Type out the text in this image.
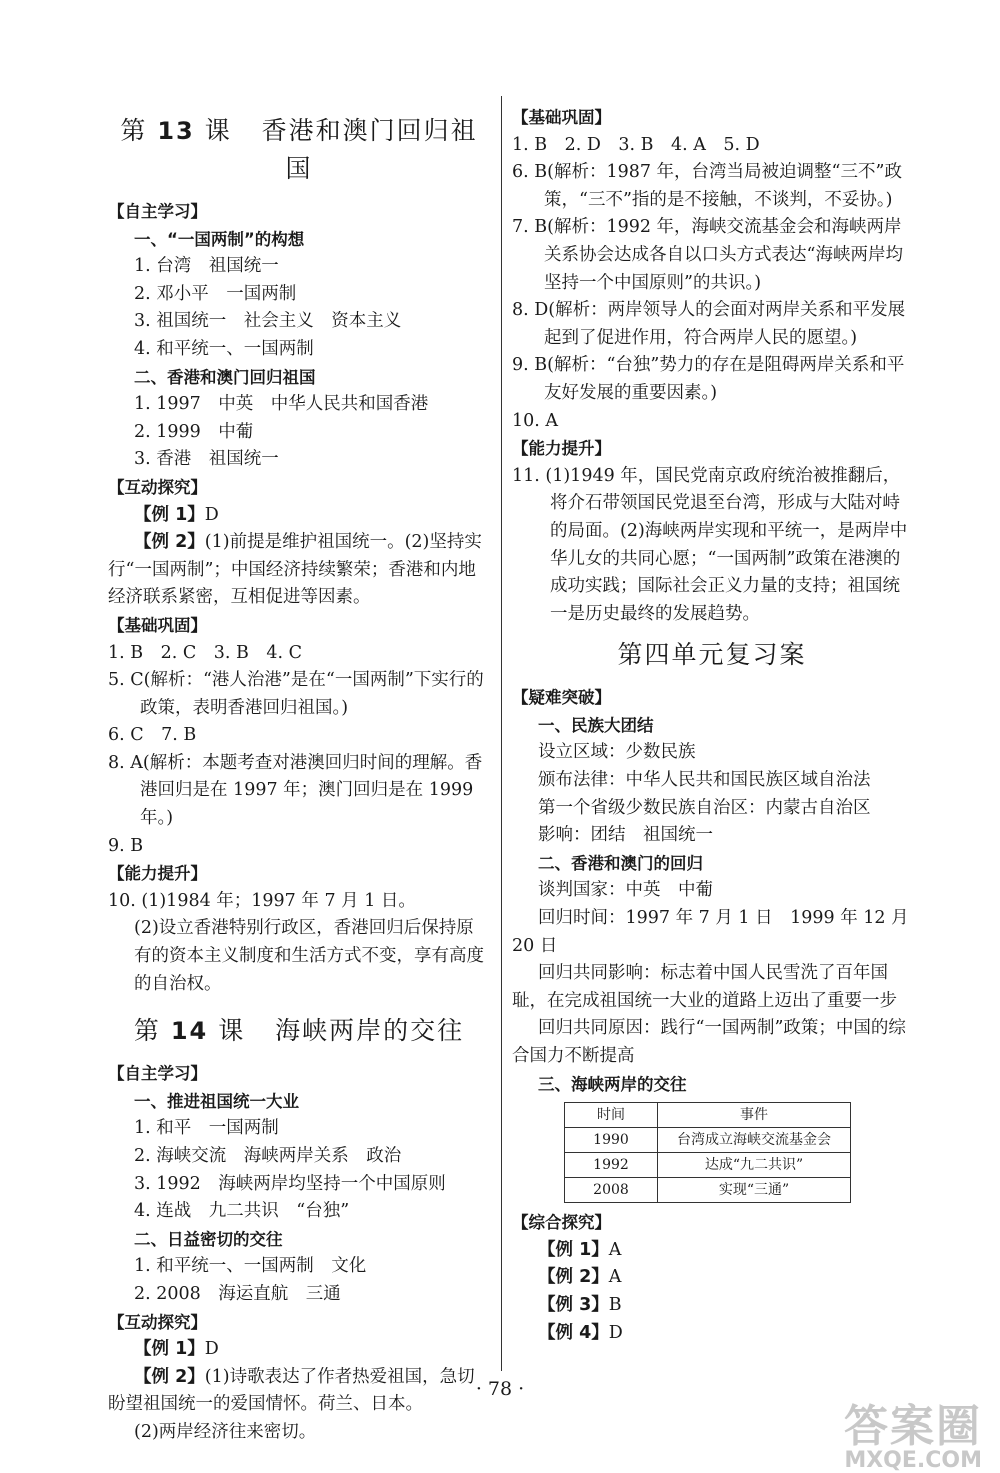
第 13 课 香港和澳门回归祖国
【自主学习】
一、“一国两制”的构想
1. 台湾　祖国统一
2. 邓小平　一国两制
3. 祖国统一　社会主义　资本主义
4. 和平统一、一国两制
二、香港和澳门回归祖国
1. 1997　中英　中华人民共和国香港
2. 1999　中葡
3. 香港　祖国统一
【互动探究】
【例 1】D
【例 2】(1)前提是维护祖国统一。(2)坚持实行“一国两制”；中国经济持续繁荣；香港和内地经济联系紧密，互相促进等因素。
【基础巩固】
1. B　2. C　3. B　4. C
5. C(解析：“港人治港”是在“一国两制”下实行的政策，表明香港回归祖国。)
6. C　7. B
8. A(解析：本题考查对港澳回归时间的理解。香港回归是在 1997 年；澳门回归是在 1999 年。)
9. B
【能力提升】
10. (1)1984 年；1997 年 7 月 1 日。
(2)设立香港特别行政区，香港回归后保持原有的资本主义制度和生活方式不变，享有高度的自治权。
第 14 课 海峡两岸的交往
【自主学习】
一、推进祖国统一大业
1. 和平　一国两制
2. 海峡交流　海峡两岸关系　政治
3. 1992　海峡两岸均坚持一个中国原则
4. 连战　九二共识　“台独”
二、日益密切的交往
1. 和平统一、一国两制　文化
2. 2008　海运直航　三通
【互动探究】
【例 1】D
【例 2】(1)诗歌表达了作者热爱祖国，急切盼望祖国统一的爱国情怀。荷兰、日本。
(2)两岸经济往来密切。
【基础巩固】
1. B　2. D　3. B　4. A　5. D
6. B(解析：1987 年，台湾当局被迫调整“三不”政策，“三不”指的是不接触，不谈判，不妥协。)
7. B(解析：1992 年，海峡交流基金会和海峡两岸关系协会达成各自以口头方式表达“海峡两岸均坚持一个中国原则”的共识。)
8. D(解析：两岸领导人的会面对两岸关系和平发展起到了促进作用，符合两岸人民的愿望。)
9. B(解析：“台独”势力的存在是阻碍两岸关系和平友好发展的重要因素。)
10. A
【能力提升】
11. (1)1949 年，国民党南京政府统治被推翻后，将介石带领国民党退至台湾，形成与大陆对峙的局面。(2)海峡两岸实现和平统一，是两岸中华儿女的共同心愿；“一国两制”政策在港澳的成功实践；国际社会正义力量的支持；祖国统一是历史最终的发展趋势。
第四单元复习案
【疑难突破】
一、民族大团结
设立区域：少数民族
颁布法律：中华人民共和国民族区域自治法
第一个省级少数民族自治区：内蒙古自治区
影响：团结　祖国统一
二、香港和澳门的回归
谈判国家：中英　中葡
回归时间：1997 年 7 月 1 日　1999 年 12 月 20 日
回归共同影响：标志着中国人民雪洗了百年国耻，在完成祖国统一大业的道路上迈出了重要一步
回归共同原因：践行“一国两制”政策；中国的综合国力不断提高
三、海峡两岸的交往
时间	事件
1990	台湾成立海峡交流基金会
1992	达成“九二共识”
2008	实现“三通”
【综合探究】
【例 1】A
【例 2】A
【例 3】B
【例 4】D
· 78 ·
答案圈
MXQE.COM
